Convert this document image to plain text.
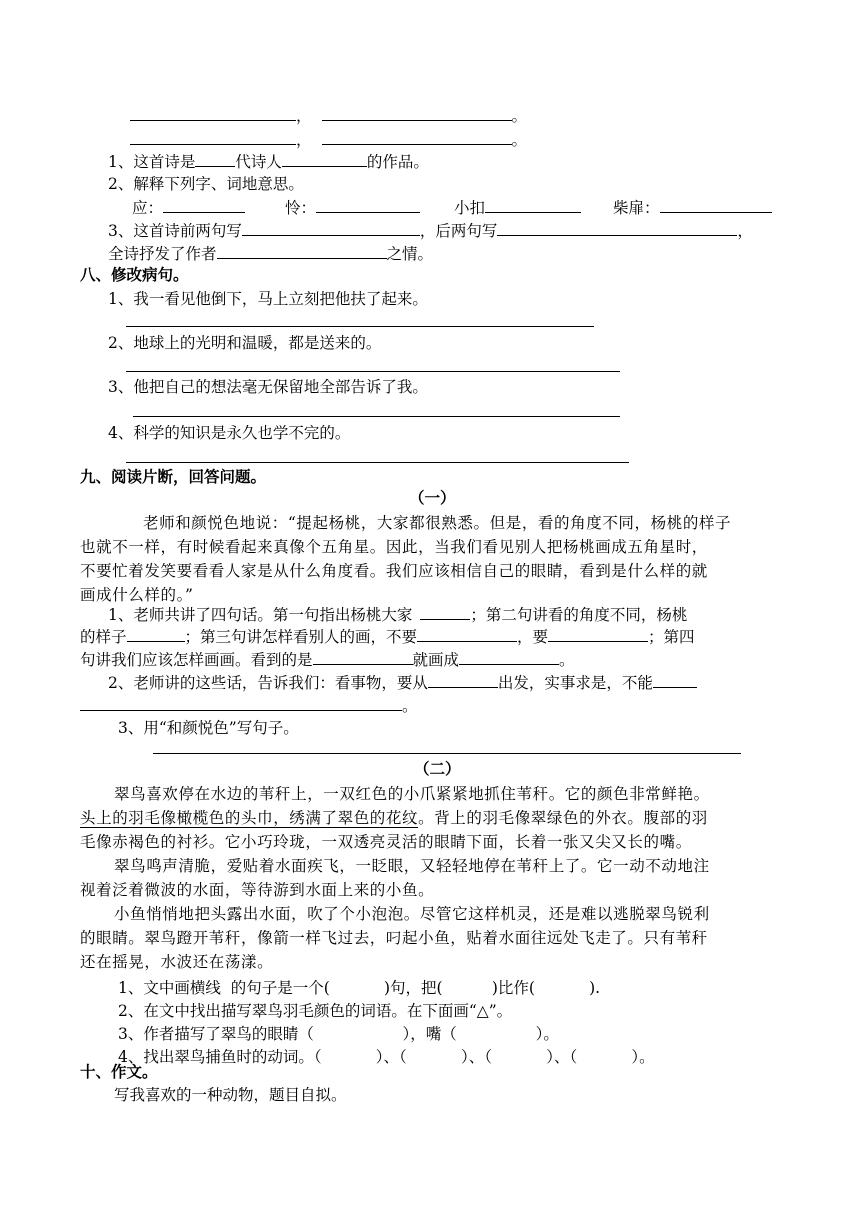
，	。
，	。
1、这首诗是	代诗人	的作品。
2、解释下列字、词地意思。
应：	怜：	小扣	柴扉：
3、这首诗前两句写	，后两句写	，
全诗抒发了作者	之情。
八、修改病句。
1、我一看见他倒下，马上立刻把他扶了起来。
2、地球上的光明和温暖，都是送来的。
3、他把自己的想法毫无保留地全部告诉了我。
4、科学的知识是永久也学不完的。
九、阅读片断，回答问题。
（一）
老师和颜悦色地说：“提起杨桃，大家都很熟悉。但是，看的角度不同，杨桃的样子
也就不一样，有时候看起来真像个五角星。因此，当我们看见别人把杨桃画成五角星时，
不要忙着发笑要看看人家是从什么角度看。我们应该相信自己的眼睛，看到是什么样的就
画成什么样的。”
1、老师共讲了四句话。第一句指出杨桃大家	；第二句讲看的角度不同，杨桃
的样子	；第三句讲怎样看别人的画，不要	，要	；第四
句讲我们应该怎样画画。看到的是	就画成	。
2、老师讲的这些话，告诉我们：看事物，要从	出发，实事求是，不能
。
3、用“和颜悦色”写句子。
（二）
翠鸟喜欢停在水边的苇秆上，一双红色的小爪紧紧地抓住苇秆。它的颜色非常鲜艳。
头上的羽毛像橄榄色的头巾，绣满了翠色的花纹。背上的羽毛像翠绿色的外衣。腹部的羽
毛像赤褐色的衬衫。它小巧玲珑，一双透亮灵活的眼睛下面，长着一张又尖又长的嘴。
翠鸟鸣声清脆，爱贴着水面疾飞，一眨眼，又轻轻地停在苇秆上了。它一动不动地注
视着泛着微波的水面，等待游到水面上来的小鱼。
小鱼悄悄地把头露出水面，吹了个小泡泡。尽管它这样机灵，还是难以逃脱翠鸟锐利
的眼睛。翠鸟蹬开苇秆，像箭一样飞过去，叼起小鱼，贴着水面往远处飞走了。只有苇秆
还在摇晃，水波还在荡漾。
1、文中画横线  的句子是一个(           )句，把(          )比作(           ).
2、在文中找出描写翠鸟羽毛颜色的词语。在下面画“△”。
3、作者描写了翠鸟的眼睛（                  ），嘴（                ）。
4、找出翠鸟捕鱼时的动词。（           ）、（           ）、（           ）、（           ）。
十、作文。
写我喜欢的一种动物，题目自拟。
